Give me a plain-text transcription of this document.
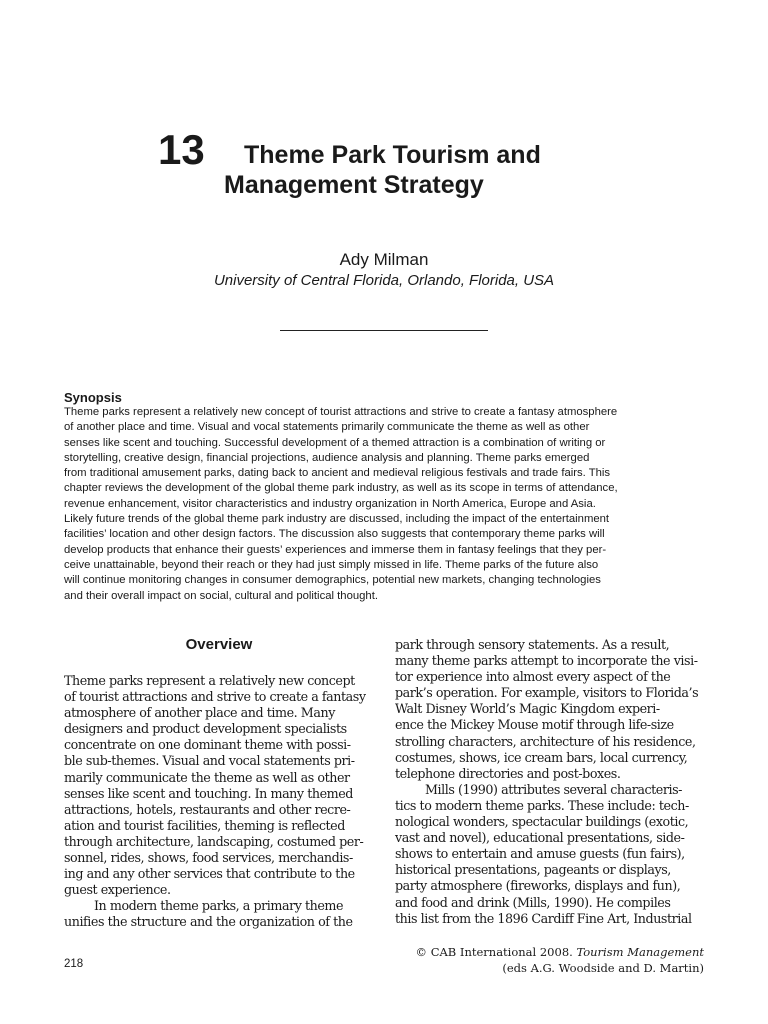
13	Theme Park Tourism and
Management Strategy

Ady Milman

University of Central Florida, Orlando, Florida, USA

Synopsis

Theme parks represent a relatively new concept of tourist attractions and strive to create a fantasy atmosphere
of another place and time. Visual and vocal statements primarily communicate the theme as well as other
senses like scent and touching. Successful development of a themed attraction is a combination of writing or
storytelling, creative design, financial projections, audience analysis and planning. Theme parks emerged
from traditional amusement parks, dating back to ancient and medieval religious festivals and trade fairs. This
chapter reviews the development of the global theme park industry, as well as its scope in terms of attendance,
revenue enhancement, visitor characteristics and industry organization in North America, Europe and Asia.
Likely future trends of the global theme park industry are discussed, including the impact of the entertainment
facilities’ location and other design factors. The discussion also suggests that contemporary theme parks will
develop products that enhance their guests’ experiences and immerse them in fantasy feelings that they per-
ceive unattainable, beyond their reach or they had just simply missed in life. Theme parks of the future also
will continue monitoring changes in consumer demographics, potential new markets, changing technologies
and their overall impact on social, cultural and political thought.

Overview
Theme parks represent a relatively new concept
of tourist attractions and strive to create a fantasy
atmosphere of another place and time. Many
designers and product development specialists
concentrate on one dominant theme with possi-
ble sub-themes. Visual and vocal statements pri-
marily communicate the theme as well as other
senses like scent and touching. In many themed
attractions, hotels, restaurants and other recre-
ation and tourist facilities, theming is reflected
through architecture, landscaping, costumed per-
sonnel, rides, shows, food services, merchandis-
ing and any other services that contribute to the
guest experience.
In modern theme parks, a primary theme
unifies the structure and the organization of the
park through sensory statements. As a result,
many theme parks attempt to incorporate the visi-
tor experience into almost every aspect of the
park’s operation. For example, visitors to Florida’s
Walt Disney World’s Magic Kingdom experi-
ence the Mickey Mouse motif through life-size
strolling characters, architecture of his residence,
costumes, shows, ice cream bars, local currency,
telephone directories and post-boxes.
Mills (1990) attributes several characteris-
tics to modern theme parks. These include: tech-
nological wonders, spectacular buildings (exotic,
vast and novel), educational presentations, side-
shows to entertain and amuse guests (fun fairs),
historical presentations, pageants or displays,
party atmosphere (fireworks, displays and fun),
and food and drink (Mills, 1990). He compiles
this list from the 1896 Cardiff Fine Art, Industrial
© CAB International 2008. Tourism Management
(eds A.G. Woodside and D. Martin)
218
